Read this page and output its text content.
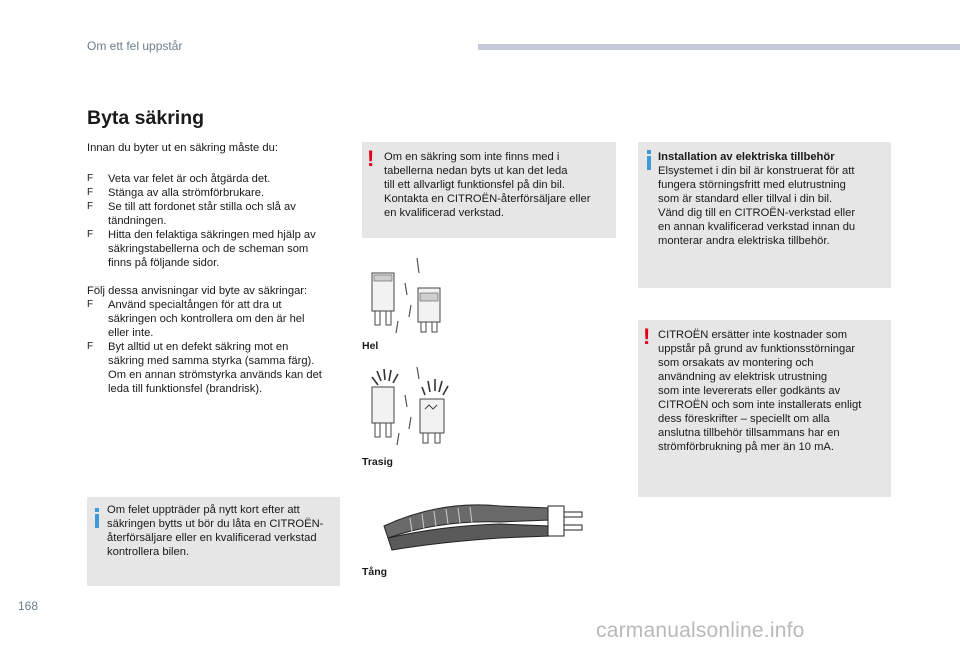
Om ett fel uppstår
Byta säkring

Innan du byter ut en säkring måste du:

F Veta var felet är och åtgärda det.
F Stänga av alla strömförbrukare.
F Se till att fordonet står stilla och slå av
tändningen.
F Hitta den felaktiga säkringen med hjälp av
säkringstabellerna och de scheman som
finns på följande sidor.

Följ dessa anvisningar vid byte av säkringar:

F Använd specialtången för att dra ut
säkringen och kontrollera om den är hel
eller inte.
F Byt alltid ut en defekt säkring mot en
säkring med samma styrka (samma färg).
Om en annan strömstyrka används kan det
leda till funktionsfel (brandrisk).

Om felet uppträder på nytt kort efter att

säkringen bytts ut bör du låta en CITROËN-

återförsäljare eller en kvalificerad verkstad

kontrollera bilen.

! Om en säkring som inte finns med i

tabellerna nedan byts ut kan det leda

till ett allvarligt funktionsfel på din bil.

Kontakta en CITROËN-återförsäljare eller

en kvalificerad verkstad.

Hel
Trasig
Tång

Installation av elektriska tillbehör

Elsystemet i din bil är konstruerat för att

fungera störningsfritt med elutrustning

som är standard eller tillval i din bil.

Vänd dig till en CITROËN-verkstad eller

en annan kvalificerad verkstad innan du

monterar andra elektriska tillbehör.

! CITROËN ersätter inte kostnader som

uppstår på grund av funktionsstörningar

som orsakats av montering och

användning av elektrisk utrustning

som inte levererats eller godkänts av

CITROËN och som inte installerats enligt

dess föreskrifter – speciellt om alla

anslutna tillbehör tillsammans har en

strömförbrukning på mer än 10 mA.

168
carmanualsonline.info
